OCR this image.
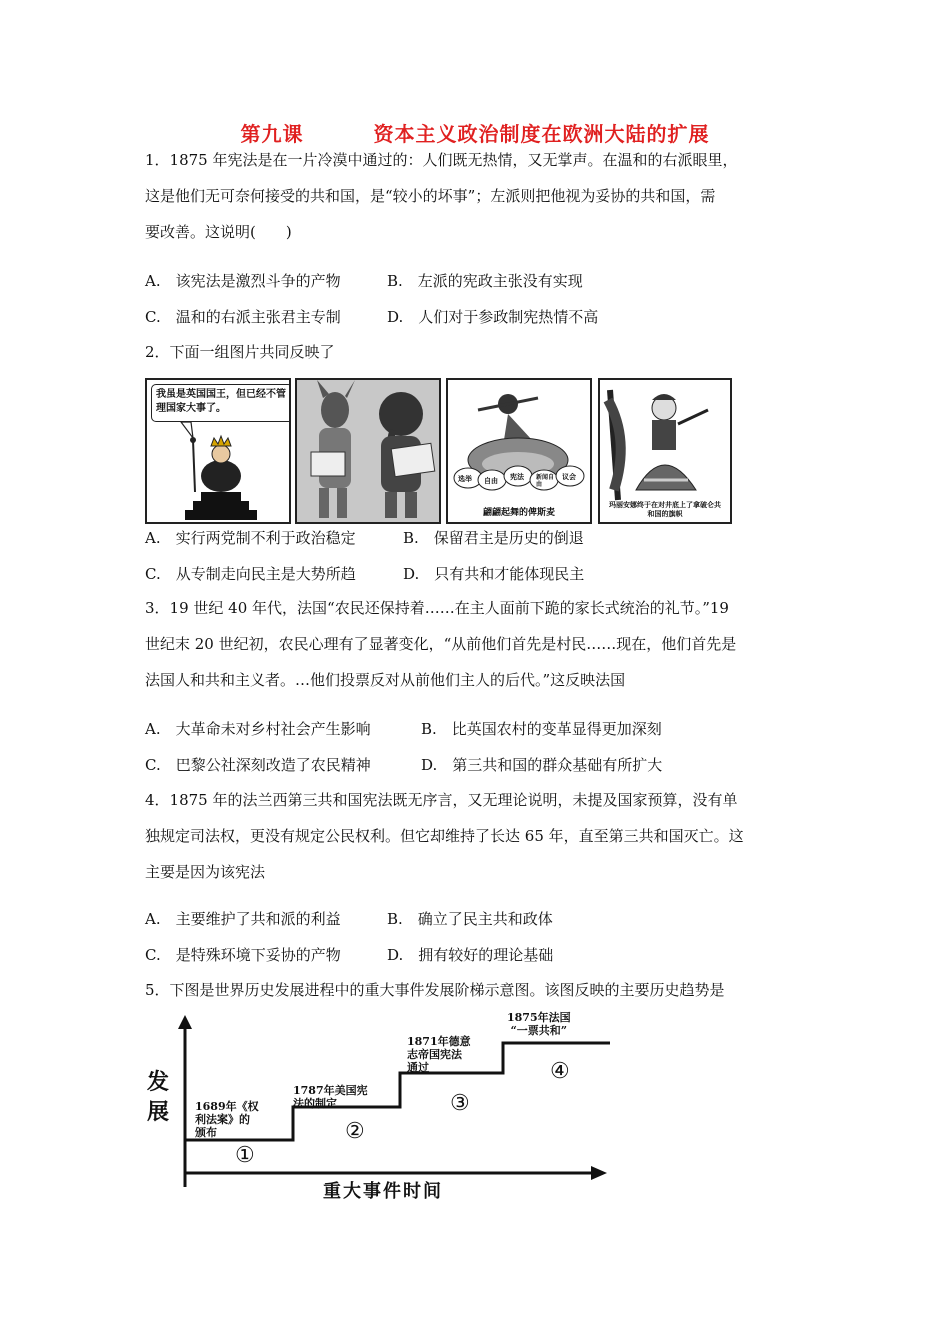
第九课	资本主义政治制度在欧洲大陆的扩展
1．1875 年宪法是在一片冷漠中通过的：人们既无热情，又无掌声。在温和的右派眼里，
这是他们无可奈何接受的共和国，是“较小的坏事”；左派则把他视为妥协的共和国，需
要改善。这说明(　　)
A.　该宪法是激烈斗争的产物	B.　左派的宪政主张没有实现
C.　温和的右派主张君主专制	D.　人们对于参政制宪热情不高
2．下面一组图片共同反映了
我虽是英国国王，但已经不管理国家大事了。
选举 自由 宪法 新闻自由
议会
翩翩起舞的俾斯麦
玛丽安娜终于在对井底上了拿破仑共和国的旗帜
A.　实行两党制不利于政治稳定	B.　保留君主是历史的倒退
C.　从专制走向民主是大势所趋	D.　只有共和才能体现民主
3．19 世纪 40 年代，法国“农民还保持着……在主人面前下跪的家长式统治的礼节。”19
世纪末 20 世纪初，农民心理有了显著变化，“从前他们首先是村民……现在，他们首先是
法国人和共和主义者。…他们投票反对从前他们主人的后代。”这反映法国
A.　大革命未对乡村社会产生影响	B.　比英国农村的变革显得更加深刻
C.　巴黎公社深刻改造了农民精神	D.　第三共和国的群众基础有所扩大
4．1875 年的法兰西第三共和国宪法既无序言，又无理论说明，未提及国家预算，没有单
独规定司法权，更没有规定公民权利。但它却维持了长达 65 年，直至第三共和国灭亡。这
主要是因为该宪法
A.　主要维护了共和派的利益	B.　确立了民主共和政体
C.　是特殊环境下妥协的产物	D.　拥有较好的理论基础
5．下图是世界历史发展进程中的重大事件发展阶梯示意图。该图反映的主要历史趋势是
发
展
重大事件时间
1689年《权
利法案》的
颁布
①
1787年美国宪
法的制定
②
1871年德意
志帝国宪法
通过
③
1875年法国
“一票共和”
④
